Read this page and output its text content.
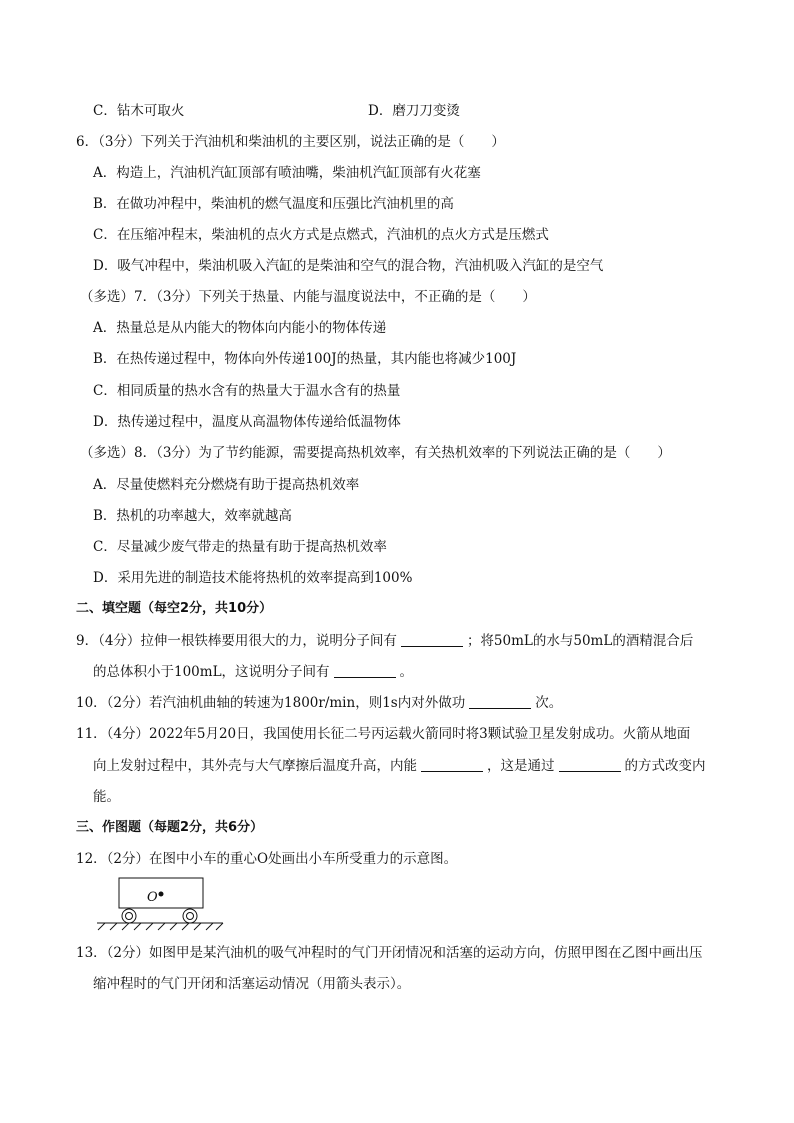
C．钻木可取火	D．磨刀刀变烫
6．（3分）下列关于汽油机和柴油机的主要区别，说法正确的是（　　）
A．构造上，汽油机汽缸顶部有喷油嘴，柴油机汽缸顶部有火花塞
B．在做功冲程中，柴油机的燃气温度和压强比汽油机里的高
C．在压缩冲程末，柴油机的点火方式是点燃式，汽油机的点火方式是压燃式
D．吸气冲程中，柴油机吸入汽缸的是柴油和空气的混合物，汽油机吸入汽缸的是空气
（多选）7．（3分）下列关于热量、内能与温度说法中，不正确的是（　　）
A．热量总是从内能大的物体向内能小的物体传递
B．在热传递过程中，物体向外传递100J的热量，其内能也将减少100J
C．相同质量的热水含有的热量大于温水含有的热量
D．热传递过程中，温度从高温物体传递给低温物体
（多选）8．（3分）为了节约能源，需要提高热机效率，有关热机效率的下列说法正确的是（　　）
A．尽量使燃料充分燃烧有助于提高热机效率
B．热机的功率越大，效率就越高
C．尽量减少废气带走的热量有助于提高热机效率
D．采用先进的制造技术能将热机的效率提高到100%
二、填空题（每空2分，共10分）
9．（4分）拉伸一根铁棒要用很大的力，说明分子间有	；将50mL的水与50mL的酒精混合后
的总体积小于100mL，这说明分子间有	。
10．（2分）若汽油机曲轴的转速为1800r/min，则1s内对外做功	次。
11．（4分）2022年5月20日，我国使用长征二号丙运载火箭同时将3颗试验卫星发射成功。火箭从地面
向上发射过程中，其外壳与大气摩擦后温度升高，内能	，这是通过	的方式改变内
能。
三、作图题（每题2分，共6分）
12．（2分）在图中小车的重心O处画出小车所受重力的示意图。
O
13．（2分）如图甲是某汽油机的吸气冲程时的气门开闭情况和活塞的运动方向，仿照甲图在乙图中画出压
缩冲程时的气门开闭和活塞运动情况（用箭头表示）。
